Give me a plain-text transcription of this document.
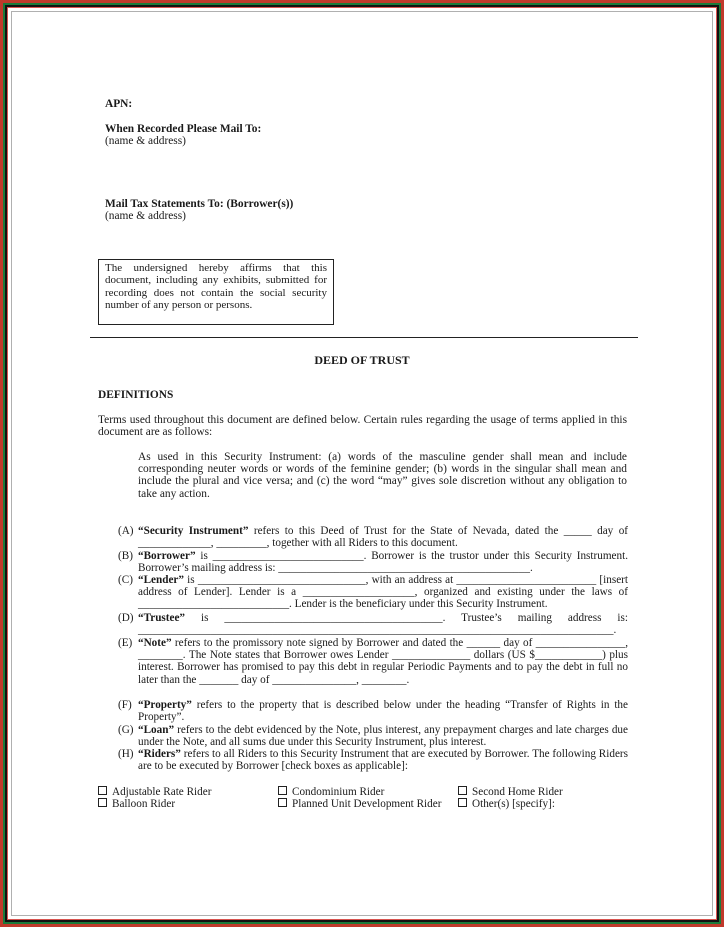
APN:
When Recorded Please Mail To:
(name & address)
Mail Tax Statements To: (Borrower(s))
(name & address)
The undersigned hereby affirms that this document, including any exhibits, submitted for recording does not contain the social security number of any person or persons.
DEED OF TRUST
DEFINITIONS
Terms used throughout this document are defined below. Certain rules regarding the usage of terms applied in this document are as follows:
As used in this Security Instrument: (a) words of the masculine gender shall mean and include corresponding neuter words or words of the feminine gender; (b) words in the singular shall mean and include the plural and vice versa; and (c) the word “may” gives sole discretion without any obligation to take any action.
(A) “Security Instrument” refers to this Deed of Trust for the State of Nevada, dated the _____ day of _____________, _________, together with all Riders to this document.
(B) “Borrower” is ___________________________. Borrower is the trustor under this Security Instrument. Borrower’s mailing address is: _____________________________________________.
(C) “Lender” is ______________________________, with an address at _________________________ [insert address of Lender]. Lender is a ____________________, organized and existing under the laws of ___________________________. Lender is the beneficiary under this Security Instrument.
(D) “Trustee” is _______________________________________. Trustee’s mailing address is: _____________________________________________________________________________________.
(E) “Note” refers to the promissory note signed by Borrower and dated the ______ day of ________________, ________. The Note states that Borrower owes Lender ______________ dollars (US $____________) plus interest. Borrower has promised to pay this debt in regular Periodic Payments and to pay the debt in full no later than the _______ day of _______________, ________.
(F) “Property” refers to the property that is described below under the heading “Transfer of Rights in the Property”.
(G) “Loan” refers to the debt evidenced by the Note, plus interest, any prepayment charges and late charges due under the Note, and all sums due under this Security Instrument, plus interest.
(H) “Riders” refers to all Riders to this Security Instrument that are executed by Borrower. The following Riders are to be executed by Borrower [check boxes as applicable]:
Adjustable Rate Rider
Balloon Rider
Condominium Rider
Planned Unit Development Rider
Second Home Rider
Other(s) [specify]:
